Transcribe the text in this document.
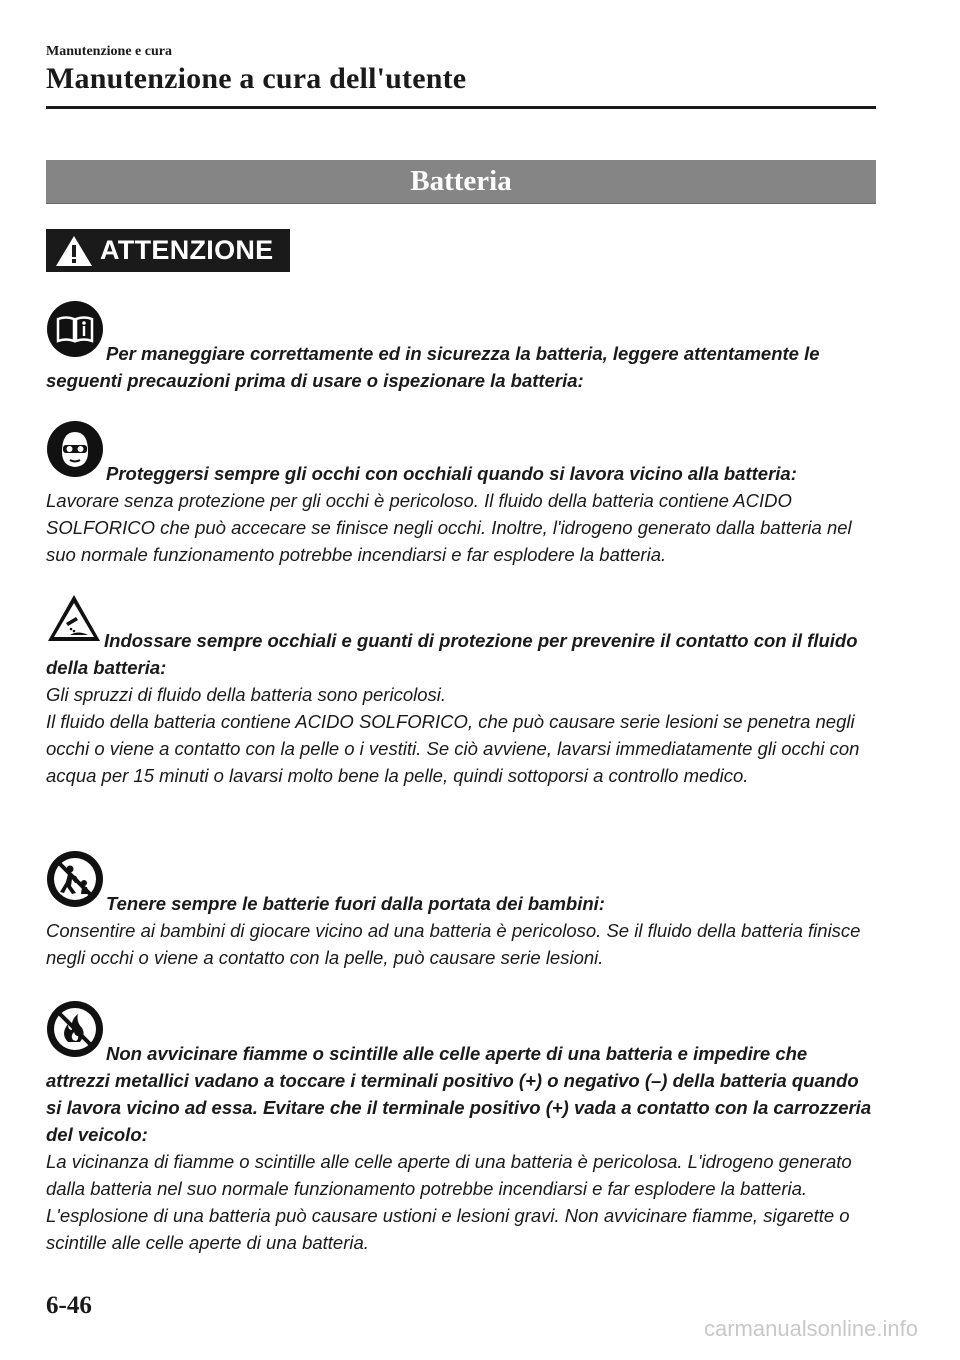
Manutenzione e cura
Manutenzione a cura dell'utente
Batteria
ATTENZIONE
Per maneggiare correttamente ed in sicurezza la batteria, leggere attentamente le seguenti precauzioni prima di usare o ispezionare la batteria:
Proteggersi sempre gli occhi con occhiali quando si lavora vicino alla batteria:
Lavorare senza protezione per gli occhi è pericoloso. Il fluido della batteria contiene ACIDO SOLFORICO che può accecare se finisce negli occhi. Inoltre, l'idrogeno generato dalla batteria nel suo normale funzionamento potrebbe incendiarsi e far esplodere la batteria.
Indossare sempre occhiali e guanti di protezione per prevenire il contatto con il fluido della batteria:
Gli spruzzi di fluido della batteria sono pericolosi.
Il fluido della batteria contiene ACIDO SOLFORICO, che può causare serie lesioni se penetra negli occhi o viene a contatto con la pelle o i vestiti. Se ciò avviene, lavarsi immediatamente gli occhi con acqua per 15 minuti o lavarsi molto bene la pelle, quindi sottoporsi a controllo medico.
Tenere sempre le batterie fuori dalla portata dei bambini:
Consentire ai bambini di giocare vicino ad una batteria è pericoloso. Se il fluido della batteria finisce negli occhi o viene a contatto con la pelle, può causare serie lesioni.
Non avvicinare fiamme o scintille alle celle aperte di una batteria e impedire che attrezzi metallici vadano a toccare i terminali positivo (+) o negativo (–) della batteria quando si lavora vicino ad essa. Evitare che il terminale positivo (+) vada a contatto con la carrozzeria del veicolo:
La vicinanza di fiamme o scintille alle celle aperte di una batteria è pericolosa. L'idrogeno generato dalla batteria nel suo normale funzionamento potrebbe incendiarsi e far esplodere la batteria. L'esplosione di una batteria può causare ustioni e lesioni gravi. Non avvicinare fiamme, sigarette o scintille alle celle aperte di una batteria.
6-46
carmanualsonline.info
